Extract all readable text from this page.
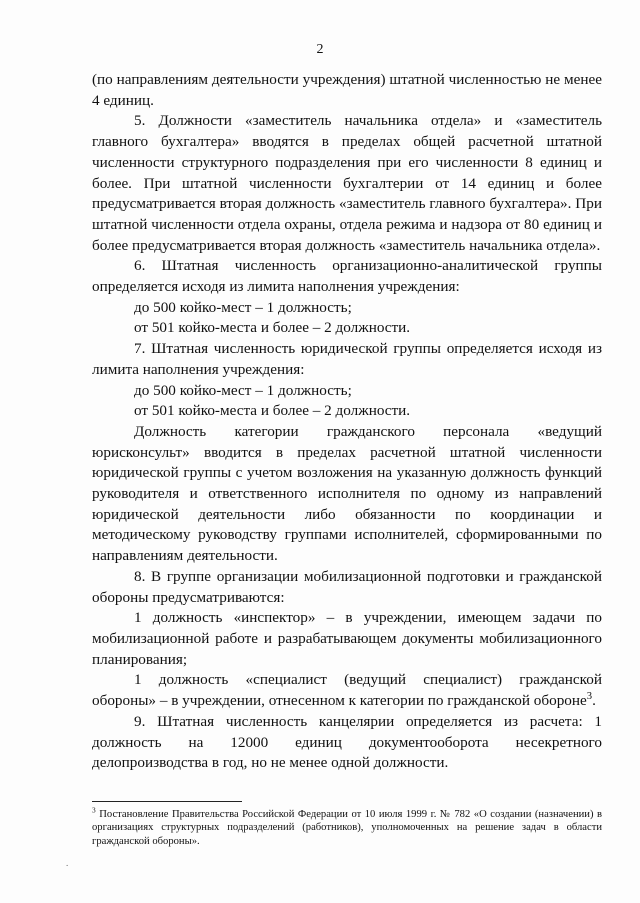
2

(по направлениям деятельности учреждения) штатной численностью не менее 4 единиц.

5. Должности «заместитель начальника отдела» и «заместитель главного бухгалтера» вводятся в пределах общей расчетной штатной численности структурного подразделения при его численности 8 единиц и более. При штатной численности бухгалтерии от 14 единиц и более предусматривается вторая должность «заместитель главного бухгалтера». При штатной численности отдела охраны, отдела режима и надзора от 80 единиц и более предусматривается вторая должность «заместитель начальника отдела».

6. Штатная численность организационно-аналитической группы определяется исходя из лимита наполнения учреждения:

до 500 койко-мест – 1 должность;

от 501 койко-места и более – 2 должности.

7. Штатная численность юридической группы определяется исходя из лимита наполнения учреждения:

до 500 койко-мест – 1 должность;

от 501 койко-места и более – 2 должности.

Должность категории гражданского персонала «ведущий юрисконсульт» вводится в пределах расчетной штатной численности юридической группы с учетом возложения на указанную должность функций руководителя и ответственного исполнителя по одному из направлений юридической деятельности либо обязанности по координации и методическому руководству группами исполнителей, сформированными по направлениям деятельности.

8. В группе организации мобилизационной подготовки и гражданской обороны предусматриваются:

1 должность «инспектор» – в учреждении, имеющем задачи по мобилизационной работе и разрабатывающем документы мобилизационного планирования;

1 должность «специалист (ведущий специалист) гражданской обороны» – в учреждении, отнесенном к категории по гражданской обороне$^3$.

9. Штатная численность канцелярии определяется из расчета: 1 должность на 12000 единиц документооборота несекретного делопроизводства в год, но не менее одной должности.

$^3$ Постановление Правительства Российской Федерации от 10 июля 1999 г. № 782 «О создании (назначении) в организациях структурных подразделений (работников), уполномоченных на решение задач в области гражданской обороны».
.
